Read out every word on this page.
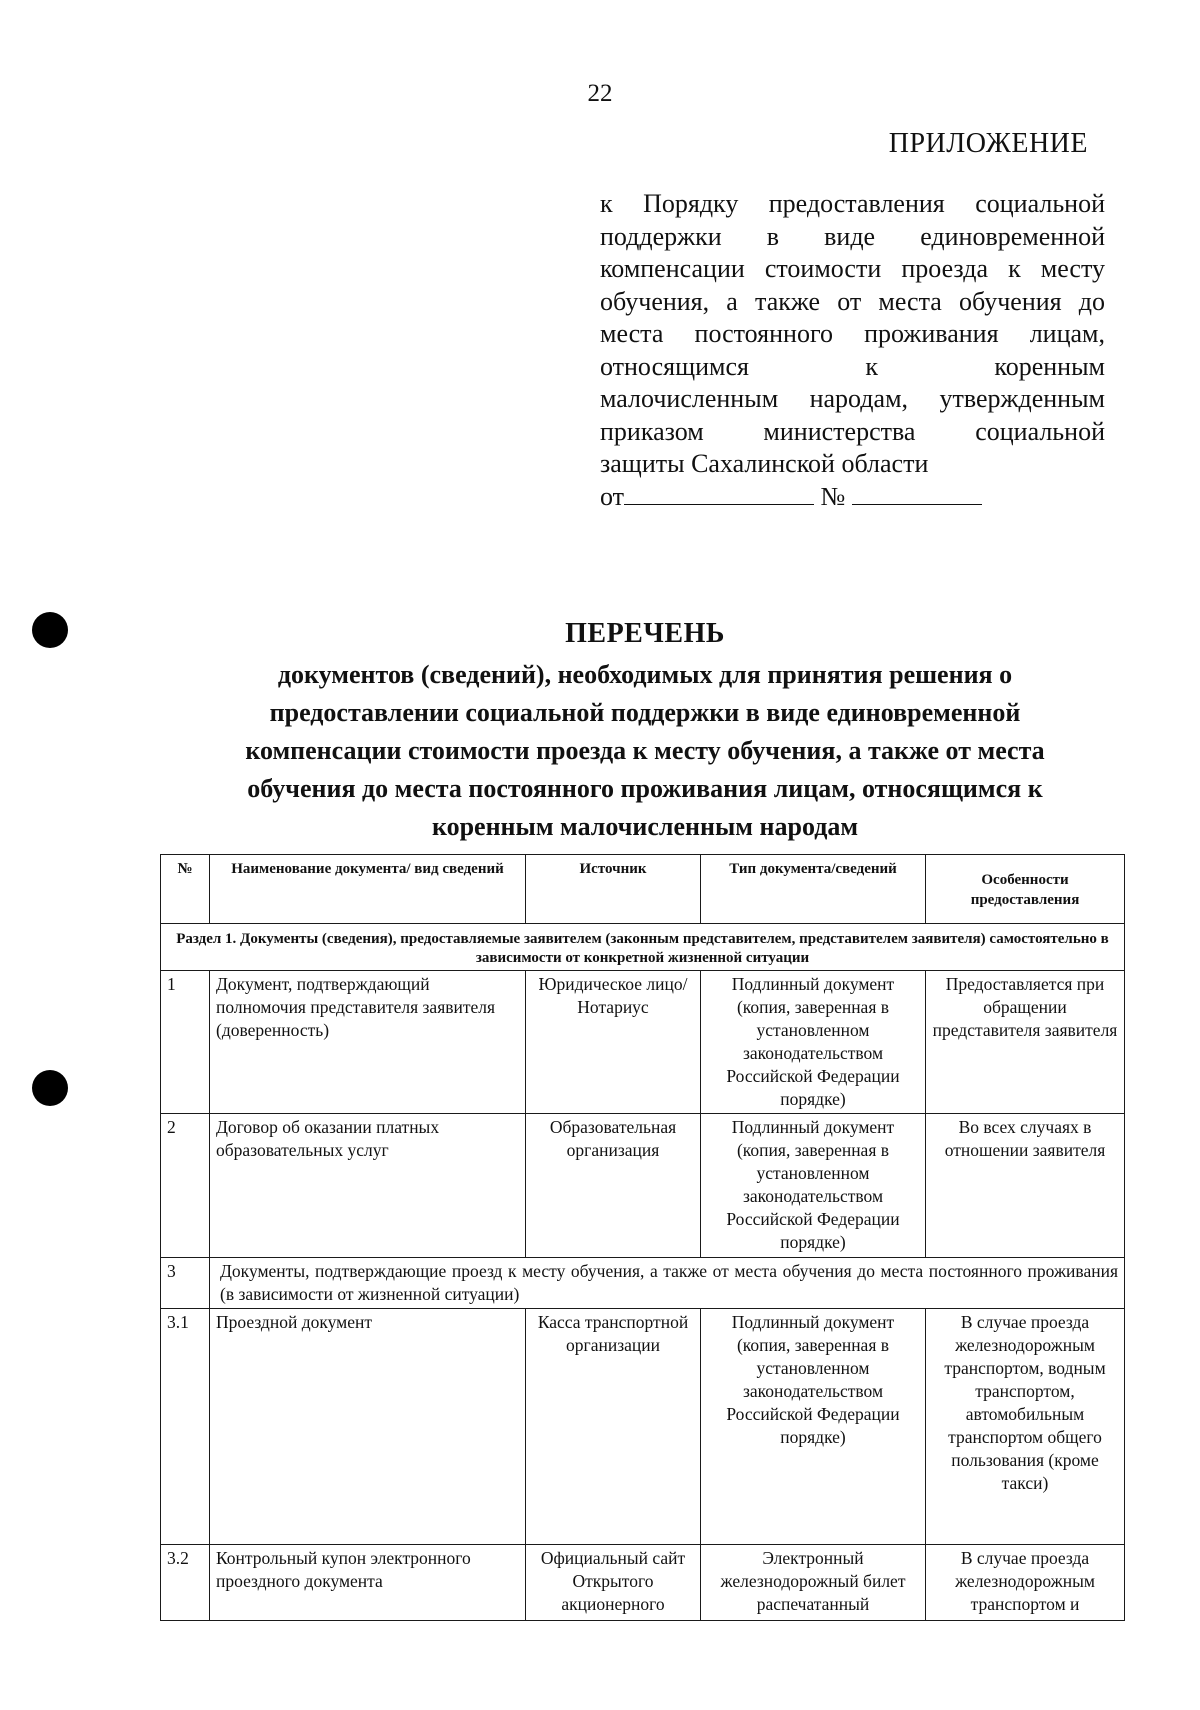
22
ПРИЛОЖЕНИЕ
к Порядку предоставления социальной
поддержки в виде единовременной
компенсации стоимости проезда к месту
обучения, а также от места обучения до
места постоянного проживания лицам,
относящимся к коренным
малочисленным народам, утвержденным
приказом министерства социальной
защиты Сахалинской области
от	№
ПЕРЕЧЕНЬ
документов (сведений), необходимых для принятия решения о
предоставлении социальной поддержки в виде единовременной
компенсации стоимости проезда к месту обучения, а также от места
обучения до места постоянного проживания лицам, относящимся к
коренным малочисленным народам
№	Наименование документа/ вид сведений	Источник	Тип документа/сведений	Особенности предоставления
Раздел 1. Документы (сведения), предоставляемые заявителем (законным представителем, представителем заявителя) самостоятельно в зависимости от конкретной жизненной ситуации				
1	Документ, подтверждающий полномочия представителя заявителя (доверенность)	Юридическое лицо/ Нотариус	Подлинный документ (копия, заверенная в установленном законодательством Российской Федерации порядке)	Предоставляется при обращении представителя заявителя
2	Договор об оказании платных образовательных услуг	Образовательная организация	Подлинный документ (копия, заверенная в установленном законодательством Российской Федерации порядке)	Во всех случаях в отношении заявителя
3	Документы, подтверждающие проезд к месту обучения, а также от места обучения до места постоянного проживания (в зависимости от жизненной ситуации)			
3.1	Проездной документ	Касса транспортной организации	Подлинный документ (копия, заверенная в установленном законодательством Российской Федерации порядке)	В случае проезда железнодорожным транспортом, водным транспортом, автомобильным транспортом общего пользования (кроме такси)
3.2	Контрольный купон электронного проездного документа	Официальный сайт Открытого акционерного	Электронный железнодорожный билет распечатанный	В случае проезда железнодорожным транспортом и
